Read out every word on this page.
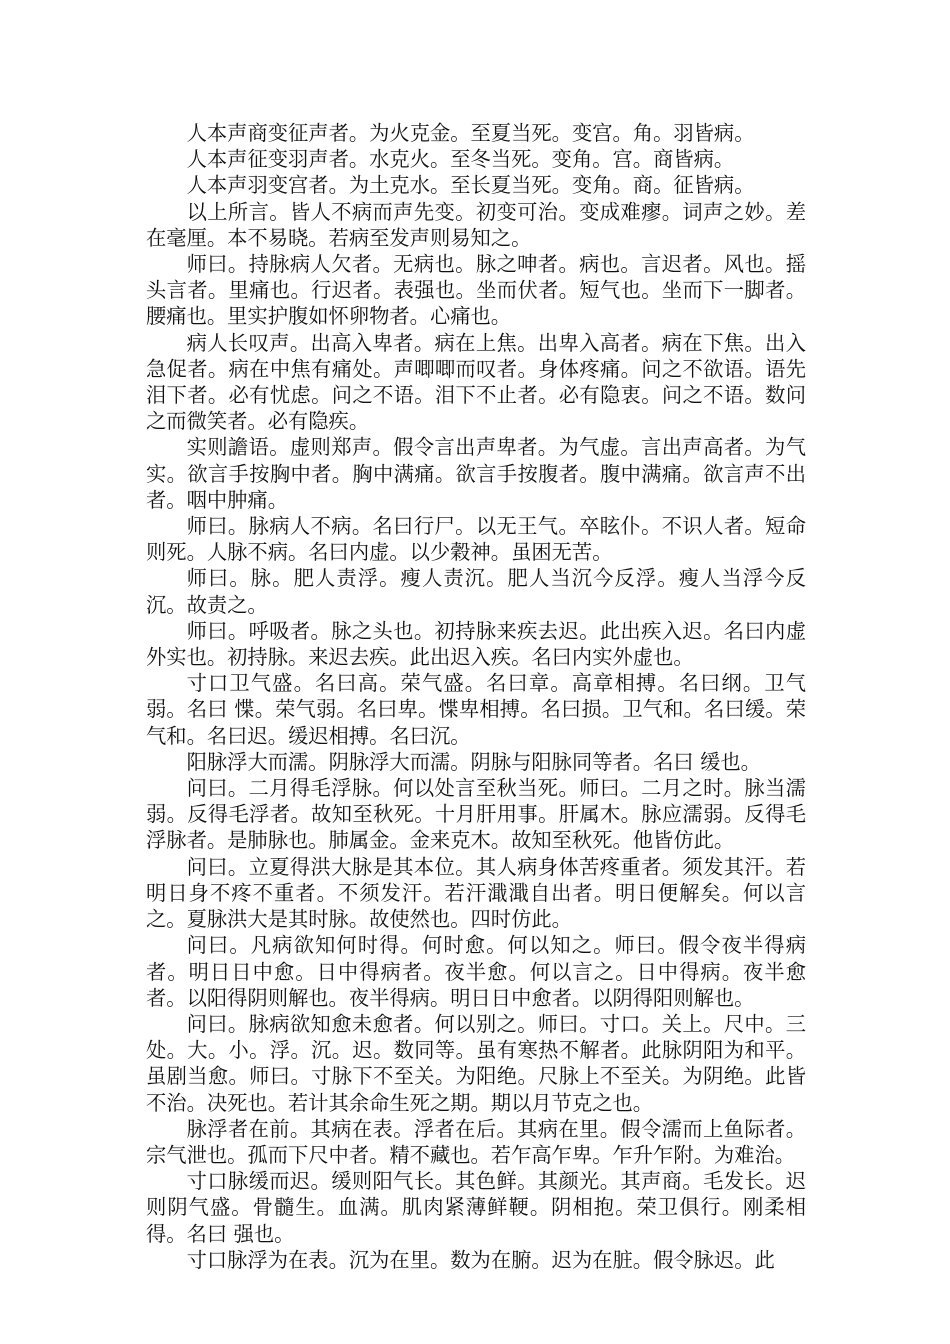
人本声商变征声者。为火克金。至夏当死。变宫。角。羽皆病。

人本声征变羽声者。水克火。至冬当死。变角。宫。商皆病。

人本声羽变宫者。为土克水。至长夏当死。变角。商。征皆病。

以上所言。皆人不病而声先变。初变可治。变成难瘳。词声之妙。差在毫厘。本不易晓。若病至发声则易知之。

师曰。持脉病人欠者。无病也。脉之呻者。病也。言迟者。风也。摇头言者。里痛也。行迟者。表强也。坐而伏者。短气也。坐而下一脚者。腰痛也。里实护腹如怀卵物者。心痛也。

病人长叹声。出高入卑者。病在上焦。出卑入高者。病在下焦。出入急促者。病在中焦有痛处。声唧唧而叹者。身体疼痛。问之不欲语。语先泪下者。必有忧虑。问之不语。泪下不止者。必有隐衷。问之不语。数问之而微笑者。必有隐疾。

实则譫语。虚则郑声。假令言出声卑者。为气虚。言出声高者。为气实。欲言手按胸中者。胸中满痛。欲言手按腹者。腹中满痛。欲言声不出者。咽中肿痛。

师曰。脉病人不病。名曰行尸。以无王气。卒眩仆。不识人者。短命则死。人脉不病。名曰内虚。以少穀神。虽困无苦。

师曰。脉。肥人责浮。瘦人责沉。肥人当沉今反浮。瘦人当浮今反沉。故责之。

师曰。呼吸者。脉之头也。初持脉来疾去迟。此出疾入迟。名曰内虚外实也。初持脉。来迟去疾。此出迟入疾。名曰内实外虚也。

寸口卫气盛。名曰高。荣气盛。名曰章。高章相搏。名曰纲。卫气弱。名曰 惵。荣气弱。名曰卑。惵卑相搏。名曰损。卫气和。名曰缓。荣气和。名曰迟。缓迟相搏。名曰沉。

阳脉浮大而濡。阴脉浮大而濡。阴脉与阳脉同等者。名曰 缓也。

问曰。二月得毛浮脉。何以处言至秋当死。师曰。二月之时。脉当濡弱。反得毛浮者。故知至秋死。十月肝用事。肝属木。脉应濡弱。反得毛浮脉者。是肺脉也。肺属金。金来克木。故知至秋死。他皆仿此。

问曰。立夏得洪大脉是其本位。其人病身体苦疼重者。须发其汗。若明日身不疼不重者。不须发汗。若汗濈濈自出者。明日便解矣。何以言之。夏脉洪大是其时脉。故使然也。四时仿此。

问曰。凡病欲知何时得。何时愈。何以知之。师曰。假令夜半得病者。明日日中愈。日中得病者。夜半愈。何以言之。日中得病。夜半愈者。以阳得阴则解也。夜半得病。明日日中愈者。以阴得阳则解也。

问曰。脉病欲知愈未愈者。何以别之。师曰。寸口。关上。尺中。三处。大。小。浮。沉。迟。数同等。虽有寒热不解者。此脉阴阳为和平。虽剧当愈。师曰。寸脉下不至关。为阳绝。尺脉上不至关。为阴绝。此皆不治。决死也。若计其余命生死之期。期以月节克之也。

脉浮者在前。其病在表。浮者在后。其病在里。假令濡而上鱼际者。宗气泄也。孤而下尺中者。精不藏也。若乍高乍卑。乍升乍附。为难治。

寸口脉缓而迟。缓则阳气长。其色鲜。其颜光。其声商。毛发长。迟则阴气盛。骨髓生。血满。肌肉紧薄鲜鞕。阴相抱。荣卫俱行。刚柔相得。名曰 强也。

寸口脉浮为在表。沉为在里。数为在腑。迟为在脏。假令脉迟。此
